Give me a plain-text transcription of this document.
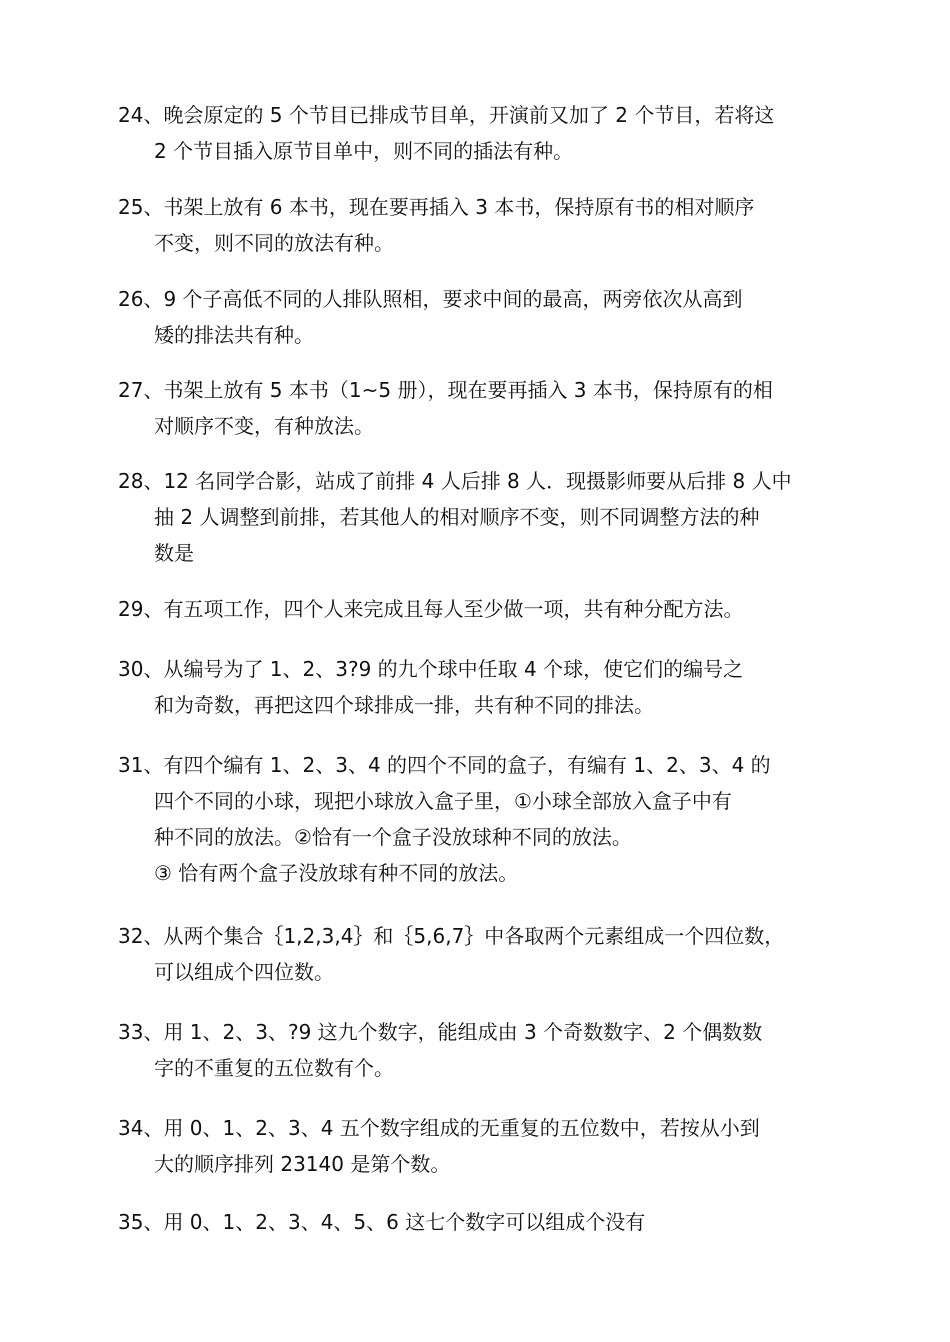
24、晚会原定的 5 个节目已排成节目单，开演前又加了 2 个节目，若将这
2 个节目插入原节目单中，则不同的插法有种。
25、书架上放有 6 本书，现在要再插入 3 本书，保持原有书的相对顺序
不变，则不同的放法有种。
26、9 个子高低不同的人排队照相，要求中间的最高，两旁依次从高到
矮的排法共有种。
27、书架上放有 5 本书（1~5 册），现在要再插入 3 本书，保持原有的相
对顺序不变，有种放法。
28、12 名同学合影，站成了前排 4 人后排 8 人．现摄影师要从后排 8 人中
抽 2 人调整到前排，若其他人的相对顺序不变，则不同调整方法的种
数是
29、有五项工作，四个人来完成且每人至少做一项，共有种分配方法。
30、从编号为了 1、2、3?9 的九个球中任取 4 个球，使它们的编号之
和为奇数，再把这四个球排成一排，共有种不同的排法。
31、有四个编有 1、2、3、4 的四个不同的盒子，有编有 1、2、3、4 的
四个不同的小球，现把小球放入盒子里，①小球全部放入盒子中有
种不同的放法。②恰有一个盒子没放球种不同的放法。
③ 恰有两个盒子没放球有种不同的放法。
32、从两个集合｛1,2,3,4｝和｛5,6,7｝中各取两个元素组成一个四位数，
可以组成个四位数。
33、用 1、2、3、?9 这九个数字，能组成由 3 个奇数数字、2 个偶数数
字的不重复的五位数有个。
34、用 0、1、2、3、4 五个数字组成的无重复的五位数中，若按从小到
大的顺序排列 23140 是第个数。
35、用 0、1、2、3、4、5、6 这七个数字可以组成个没有
